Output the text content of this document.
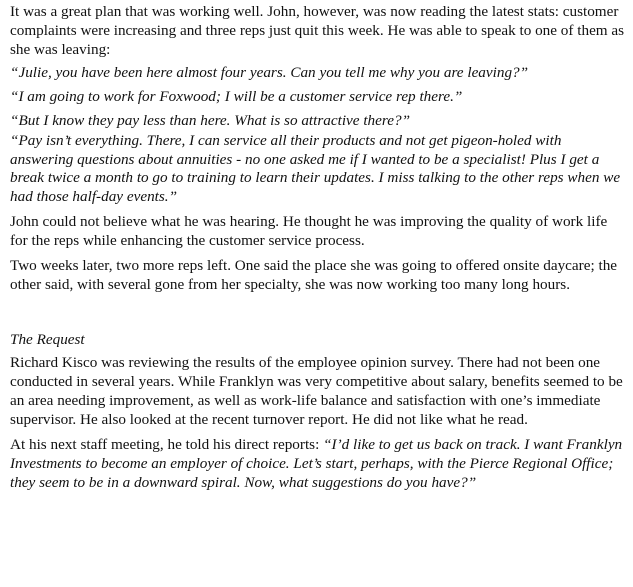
It was a great plan that was working well. John, however, was now reading the latest stats: customer complaints were increasing and three reps just quit this week. He was able to speak to one of them as she was leaving:

“Julie, you have been here almost four years. Can you tell me why you are leaving?”

“I am going to work for Foxwood; I will be a customer service rep there.”

“But I know they pay less than here. What is so attractive there?”

“Pay isn’t everything. There, I can service all their products and not get pigeon-holed with answering questions about annuities - no one asked me if I wanted to be a specialist! Plus I get a break twice a month to go to training to learn their updates. I miss talking to the other reps when we had those half-day events.”

John could not believe what he was hearing. He thought he was improving the quality of work life for the reps while enhancing the customer service process.

Two weeks later, two more reps left. One said the place she was going to offered onsite daycare; the other said, with several gone from her specialty, she was now working too many long hours.

The Request

Richard Kisco was reviewing the results of the employee opinion survey. There had not been one conducted in several years. While Franklyn was very competitive about salary, benefits seemed to be an area needing improvement, as well as work-life balance and satisfaction with one’s immediate supervisor. He also looked at the recent turnover report. He did not like what he read.

At his next staff meeting, he told his direct reports: “I’d like to get us back on track. I want Franklyn Investments to become an employer of choice. Let’s start, perhaps, with the Pierce Regional Office; they seem to be in a downward spiral. Now, what suggestions do you have?”
